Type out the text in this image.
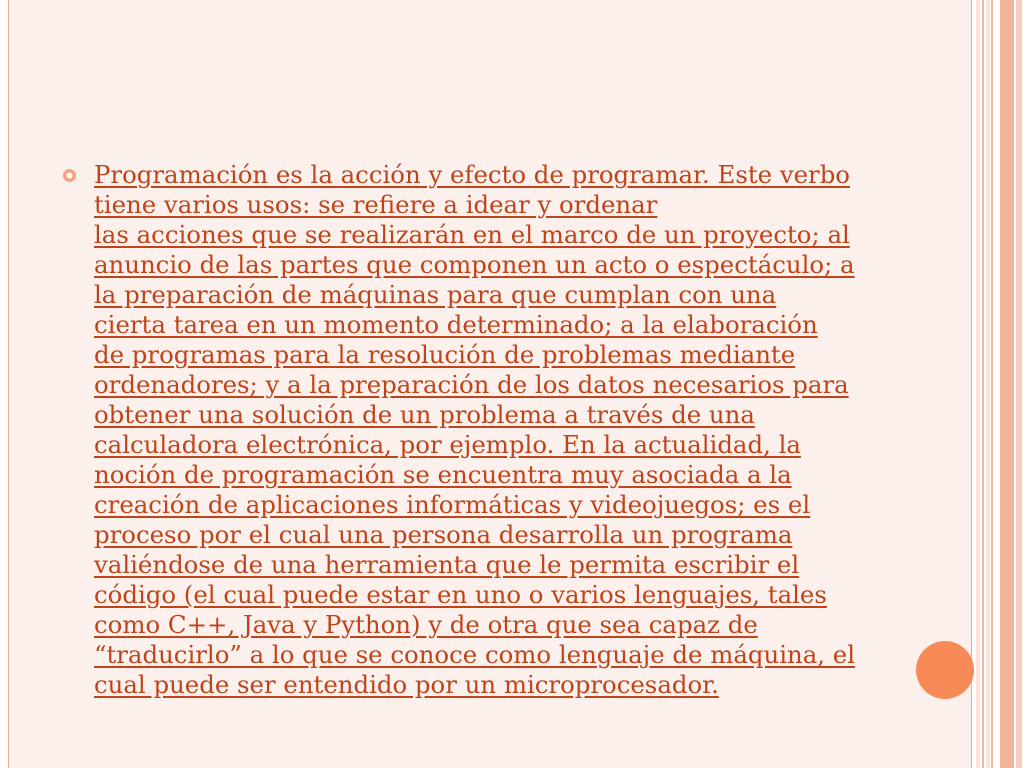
Programación es la acción y efecto de programar. Este verbo
tiene varios usos: se refiere a idear y ordenar
las acciones que se realizarán en el marco de un proyecto; al
anuncio de las partes que componen un acto o espectáculo; a
la preparación de máquinas para que cumplan con una
cierta tarea en un momento determinado; a la elaboración
de programas para la resolución de problemas mediante
ordenadores; y a la preparación de los datos necesarios para
obtener una solución de un problema a través de una
calculadora electrónica, por ejemplo. En la actualidad, la
noción de programación se encuentra muy asociada a la
creación de aplicaciones informáticas y videojuegos; es el
proceso por el cual una persona desarrolla un programa
valiéndose de una herramienta que le permita escribir el
código (el cual puede estar en uno o varios lenguajes, tales
como C++, Java y Python) y de otra que sea capaz de
“traducirlo” a lo que se conoce como lenguaje de máquina, el
cual puede ser entendido por un microprocesador.
